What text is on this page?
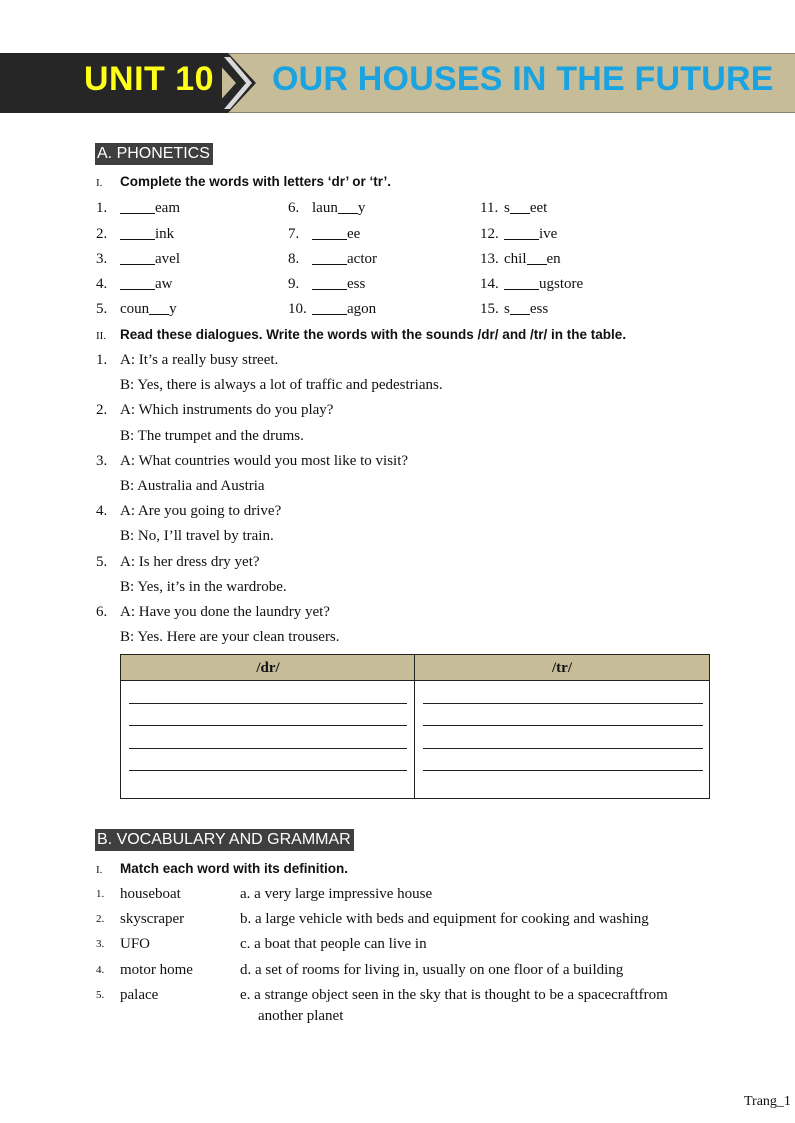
UNIT 10 OUR HOUSES IN THE FUTURE
A. PHONETICS
I. Complete the words with letters ‘dr’ or ‘tr’.
1.	eam	6. laun y	11. s eet
2.	ink	7.	ee	12.	ive
3.	avel	8.	actor	13. chil en
4.	aw	9.	ess	14.	ugstore
5. coun y	10.	agon	15. s ess
II. Read these dialogues. Write the words with the sounds /dr/ and /tr/ in the table.
1. A: It’s a really busy street.
B: Yes, there is always a lot of traffic and pedestrians.
2. A: Which instruments do you play?
B: The trumpet and the drums.
3. A: What countries would you most like to visit?
B: Australia and Austria
4. A: Are you going to drive?
B: No, I’ll travel by train.
5. A: Is her dress dry yet?
B: Yes, it’s in the wardrobe.
6. A: Have you done the laundry yet?
B: Yes. Here are your clean trousers.
/dr/	/tr/
B. VOCABULARY AND GRAMMAR
I. Match each word with its definition.
1. houseboat	a. a very large impressive house
2. skyscraper	b. a large vehicle with beds and equipment for cooking and washing
3. UFO	c. a boat that people can live in
4. motor home	d. a set of rooms for living in, usually on one floor of a building
5. palace	e. a strange object seen in the sky that is thought to be a spacecraftfrom
another planet
Trang_1
